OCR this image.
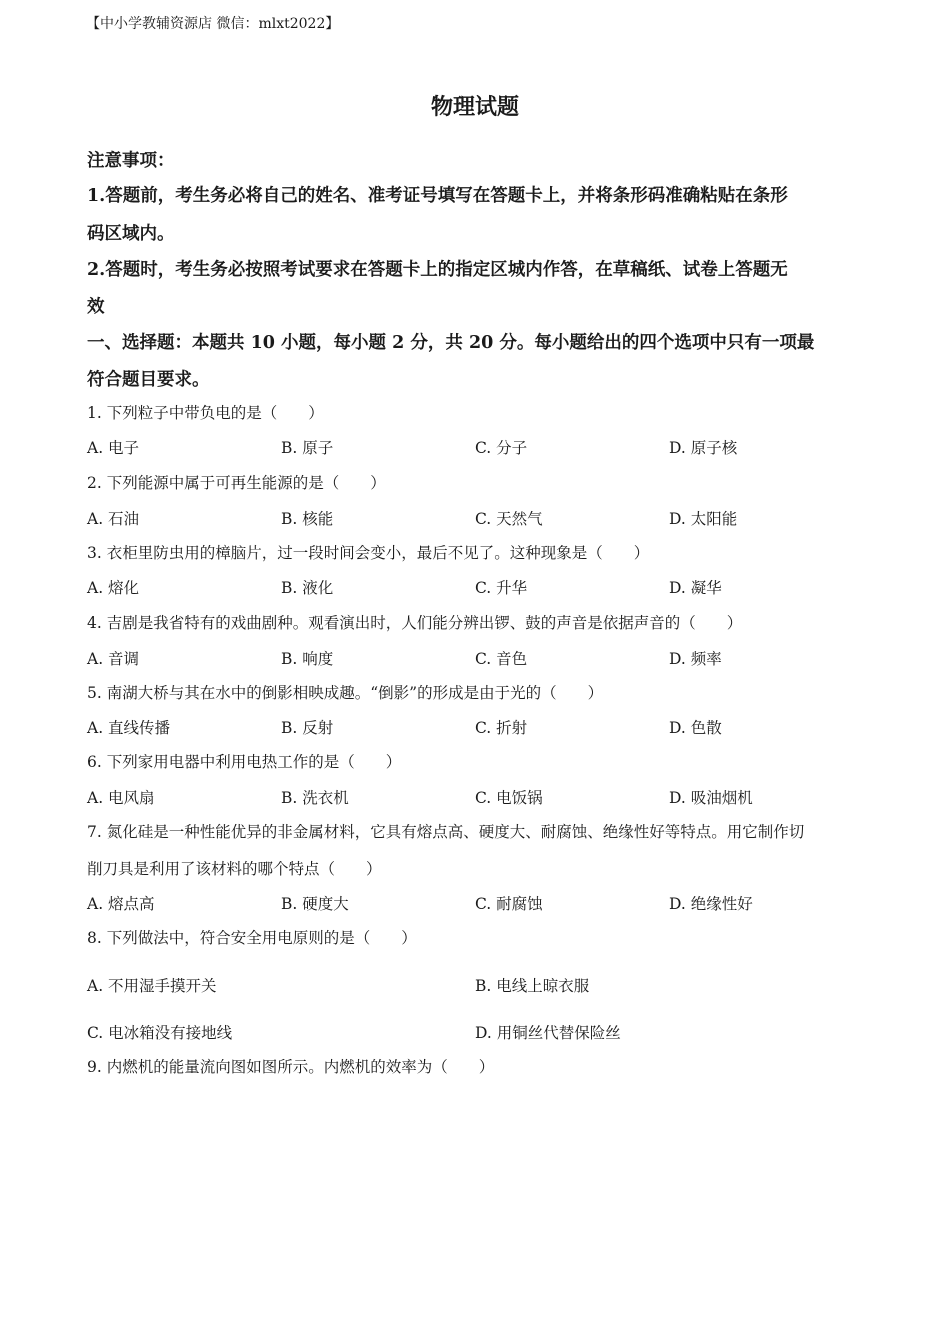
【中小学教辅资源店 微信：mlxt2022】
物理试题
注意事项：
1.答题前，考生务必将自己的姓名、准考证号填写在答题卡上，并将条形码准确粘贴在条形
码区域内。
2.答题时，考生务必按照考试要求在答题卡上的指定区城内作答，在草稿纸、试卷上答题无
效
一、选择题：本题共 10 小题，每小题 2 分，共 20 分。每小题给出的四个选项中只有一项最
符合题目要求。
1. 下列粒子中带负电的是（　　）
A. 电子	B. 原子	C. 分子	D. 原子核
2. 下列能源中属于可再生能源的是（　　）
A. 石油	B. 核能	C. 天然气	D. 太阳能
3. 衣柜里防虫用的樟脑片，过一段时间会变小，最后不见了。这种现象是（　　）
A. 熔化	B. 液化	C. 升华	D. 凝华
4. 吉剧是我省特有的戏曲剧种。观看演出时，人们能分辨出锣、鼓的声音是依据声音的（　　）
A. 音调	B. 响度	C. 音色	D. 频率
5. 南湖大桥与其在水中的倒影相映成趣。“倒影”的形成是由于光的（　　）
A. 直线传播	B. 反射	C. 折射	D. 色散
6. 下列家用电器中利用电热工作的是（　　）
A. 电风扇	B. 洗衣机	C. 电饭锅	D. 吸油烟机
7. 氮化硅是一种性能优异的非金属材料，它具有熔点高、硬度大、耐腐蚀、绝缘性好等特点。用它制作切
削刀具是利用了该材料的哪个特点（　　）
A. 熔点高	B. 硬度大	C. 耐腐蚀	D. 绝缘性好
8. 下列做法中，符合安全用电原则的是（　　）
A. 不用湿手摸开关	B. 电线上晾衣服
C. 电冰箱没有接地线	D. 用铜丝代替保险丝
9. 内燃机的能量流向图如图所示。内燃机的效率为（　　）
